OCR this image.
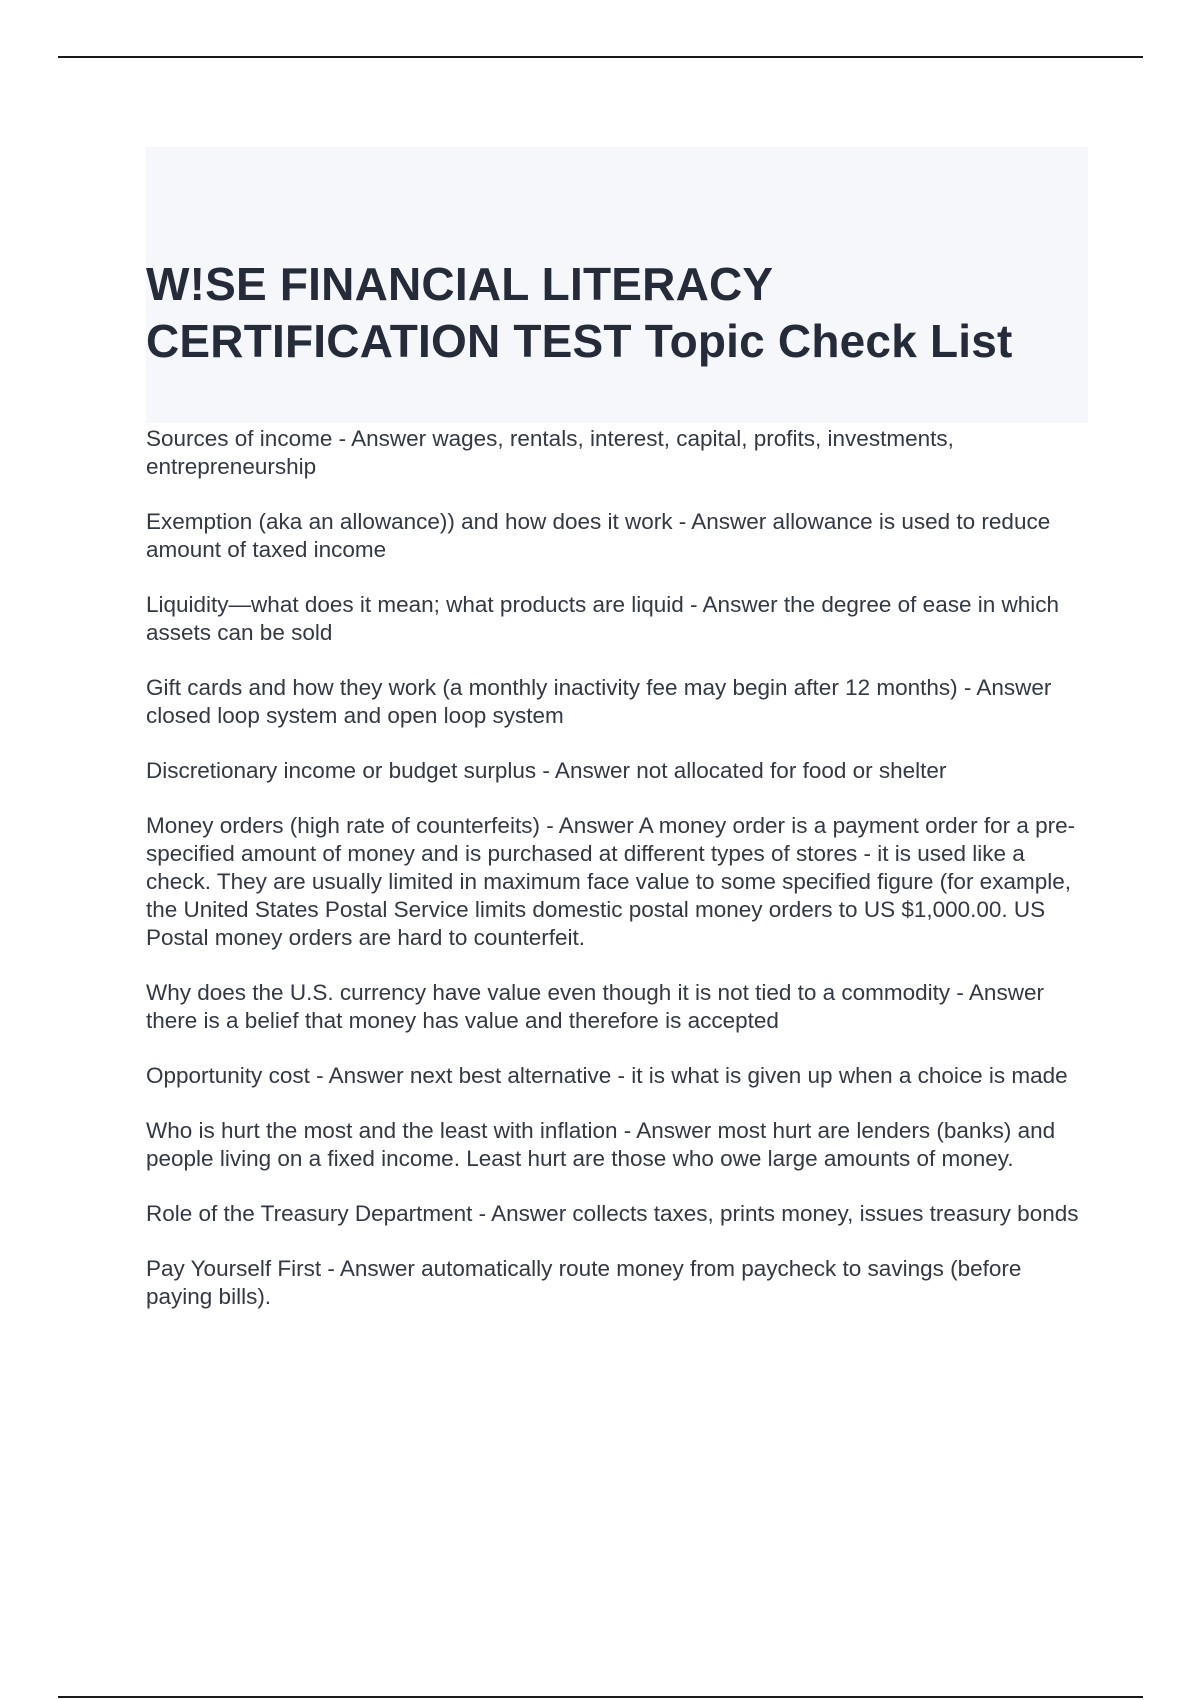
W!SE FINANCIAL LITERACY CERTIFICATION TEST Topic Check List

Sources of income - Answer wages, rentals, interest, capital, profits, investments, entrepreneurship

Exemption (aka an allowance)) and how does it work - Answer allowance is used to reduce amount of taxed income

Liquidity—what does it mean; what products are liquid - Answer the degree of ease in which assets can be sold

Gift cards and how they work (a monthly inactivity fee may begin after 12 months) - Answer closed loop system and open loop system

Discretionary income or budget surplus - Answer not allocated for food or shelter

Money orders (high rate of counterfeits) - Answer A money order is a payment order for a pre-specified amount of money and is purchased at different types of stores - it is used like a check. They are usually limited in maximum face value to some specified figure (for example, the United States Postal Service limits domestic postal money orders to US $1,000.00. US Postal money orders are hard to counterfeit.

Why does the U.S. currency have value even though it is not tied to a commodity - Answer there is a belief that money has value and therefore is accepted

Opportunity cost - Answer next best alternative - it is what is given up when a choice is made

Who is hurt the most and the least with inflation - Answer most hurt are lenders (banks) and people living on a fixed income. Least hurt are those who owe large amounts of money.

Role of the Treasury Department - Answer collects taxes, prints money, issues treasury bonds

Pay Yourself First - Answer automatically route money from paycheck to savings (before paying bills).
